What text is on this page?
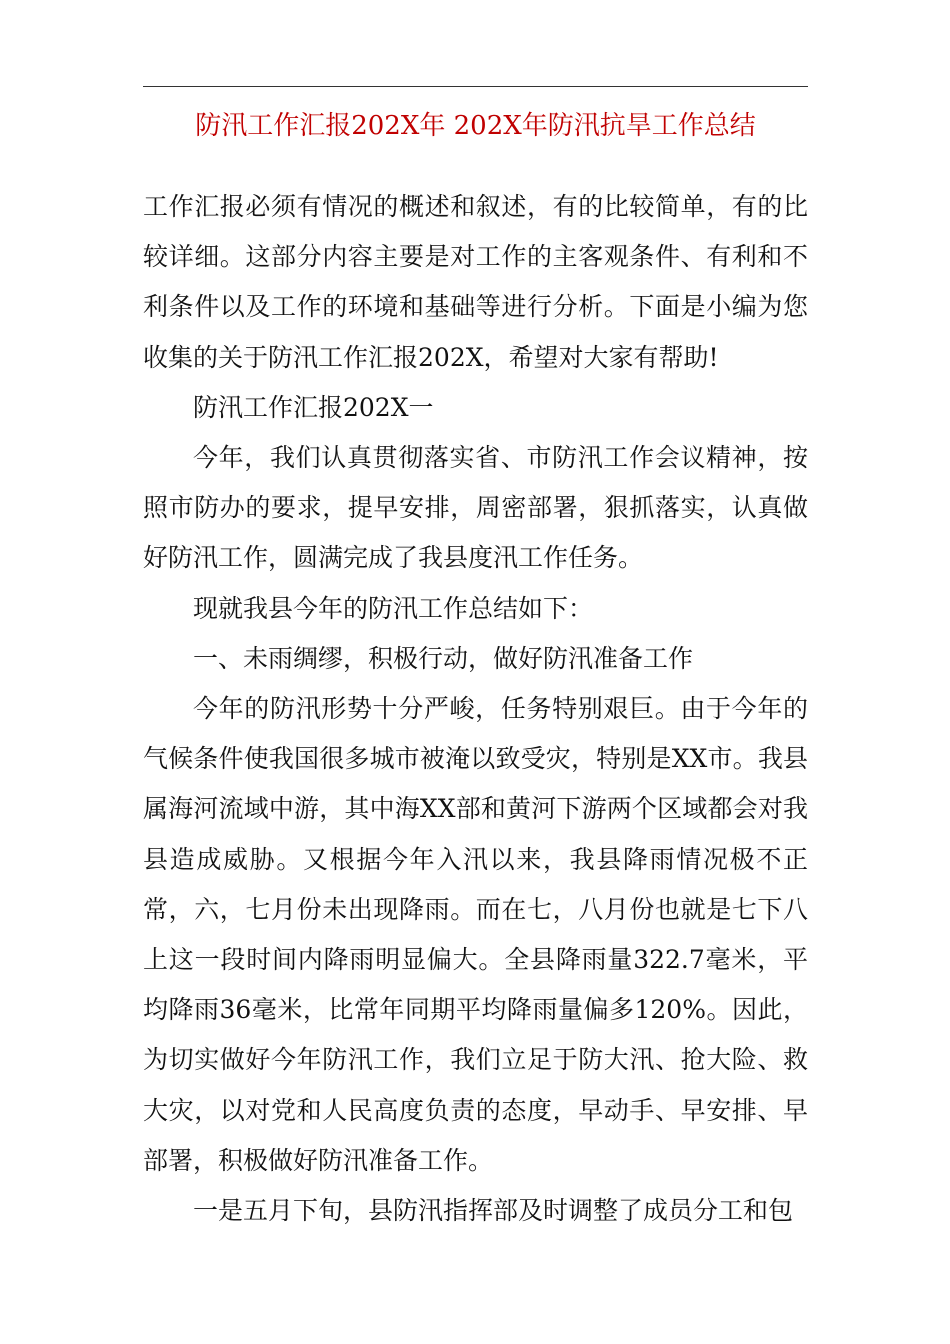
防汛工作汇报202X年 202X年防汛抗旱工作总结

工作汇报必须有情况的概述和叙述，有的比较简单，有的比较详细。这部分内容主要是对工作的主客观条件、有利和不利条件以及工作的环境和基础等进行分析。下面是小编为您收集的关于防汛工作汇报202X，希望对大家有帮助!

防汛工作汇报202X一

今年，我们认真贯彻落实省、市防汛工作会议精神，按照市防办的要求，提早安排，周密部署，狠抓落实，认真做好防汛工作，圆满完成了我县度汛工作任务。

现就我县今年的防汛工作总结如下：

一、未雨绸缪，积极行动，做好防汛准备工作

今年的防汛形势十分严峻，任务特别艰巨。由于今年的气候条件使我国很多城市被淹以致受灾，特别是XX市。我县属海河流域中游，其中海XX部和黄河下游两个区域都会对我县造成威胁。又根据今年入汛以来，我县降雨情况极不正常，六，七月份未出现降雨。而在七，八月份也就是七下八上这一段时间内降雨明显偏大。全县降雨量322.7毫米，平均降雨36毫米，比常年同期平均降雨量偏多120%。因此，为切实做好今年防汛工作，我们立足于防大汛、抢大险、救大灾，以对党和人民高度负责的态度，早动手、早安排、早部署，积极做好防汛准备工作。

一是五月下旬，县防汛指挥部及时调整了成员分工和包
